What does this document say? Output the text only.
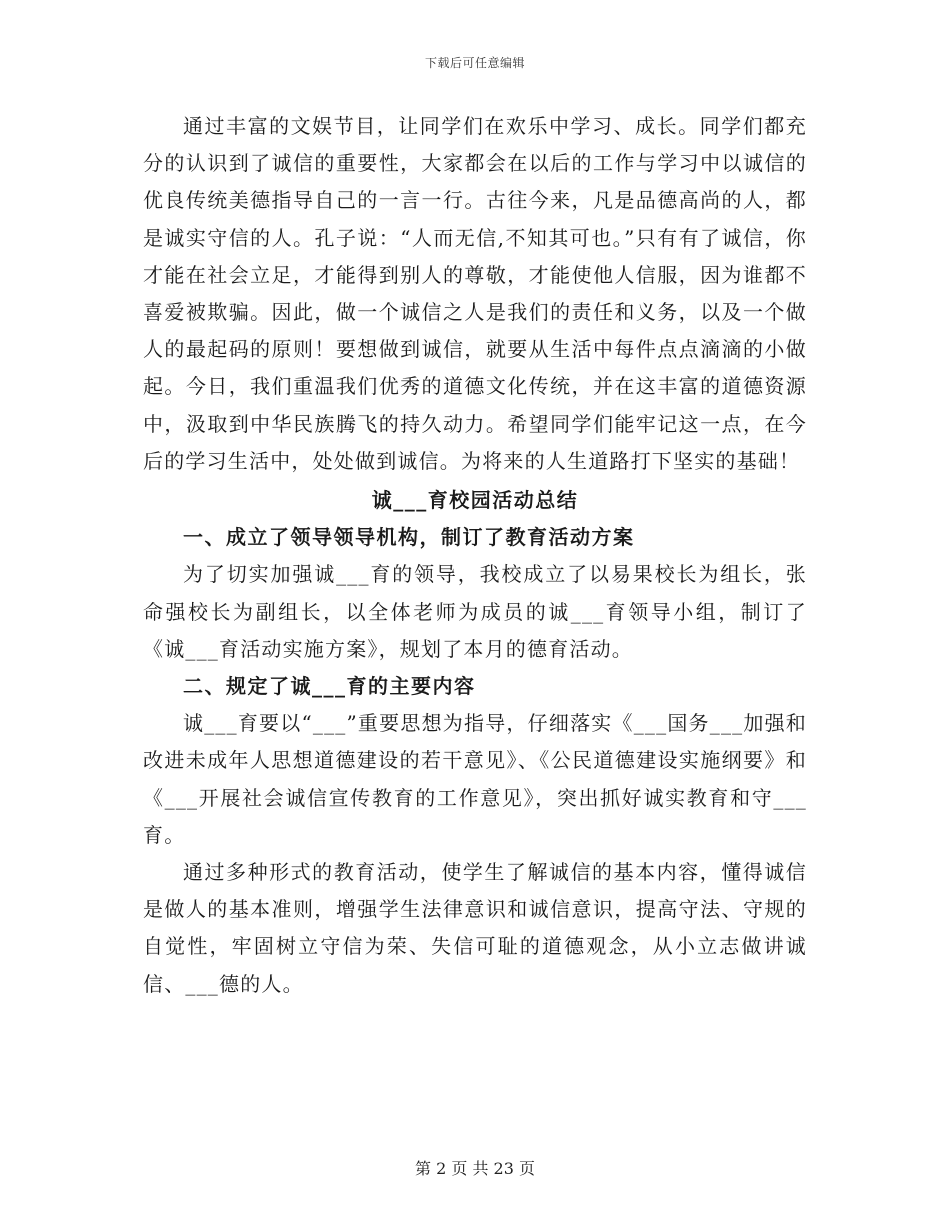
下载后可任意编辑

通过丰富的文娱节目，让同学们在欢乐中学习、成长。同学们都充分的认识到了诚信的重要性，大家都会在以后的工作与学习中以诚信的优良传统美德指导自己的一言一行。古往今来，凡是品德高尚的人，都是诚实守信的人。孔子说：“人而无信,不知其可也。”只有有了诚信，你才能在社会立足，才能得到别人的尊敬，才能使他人信服，因为谁都不喜爱被欺骗。因此，做一个诚信之人是我们的责任和义务，以及一个做人的最起码的原则！要想做到诚信，就要从生活中每件点点滴滴的小做起。今日，我们重温我们优秀的道德文化传统，并在这丰富的道德资源中，汲取到中华民族腾飞的持久动力。希望同学们能牢记这一点，在今后的学习生活中，处处做到诚信。为将来的人生道路打下坚实的基础！

诚___育校园活动总结
一、成立了领导领导机构，制订了教育活动方案

为了切实加强诚___育的领导，我校成立了以易果校长为组长，张命强校长为副组长，以全体老师为成员的诚___育领导小组，制订了《诚___育活动实施方案》，规划了本月的德育活动。

二、规定了诚___育的主要内容

诚___育要以“___”重要思想为指导，仔细落实《___国务___加强和改进未成年人思想道德建设的若干意见》、《公民道德建设实施纲要》和《___开展社会诚信宣传教育的工作意见》，突出抓好诚实教育和守___育。

通过多种形式的教育活动，使学生了解诚信的基本内容，懂得诚信是做人的基本准则，增强学生法律意识和诚信意识，提高守法、守规的自觉性，牢固树立守信为荣、失信可耻的道德观念，从小立志做讲诚信、___德的人。

第 2 页 共 23 页
